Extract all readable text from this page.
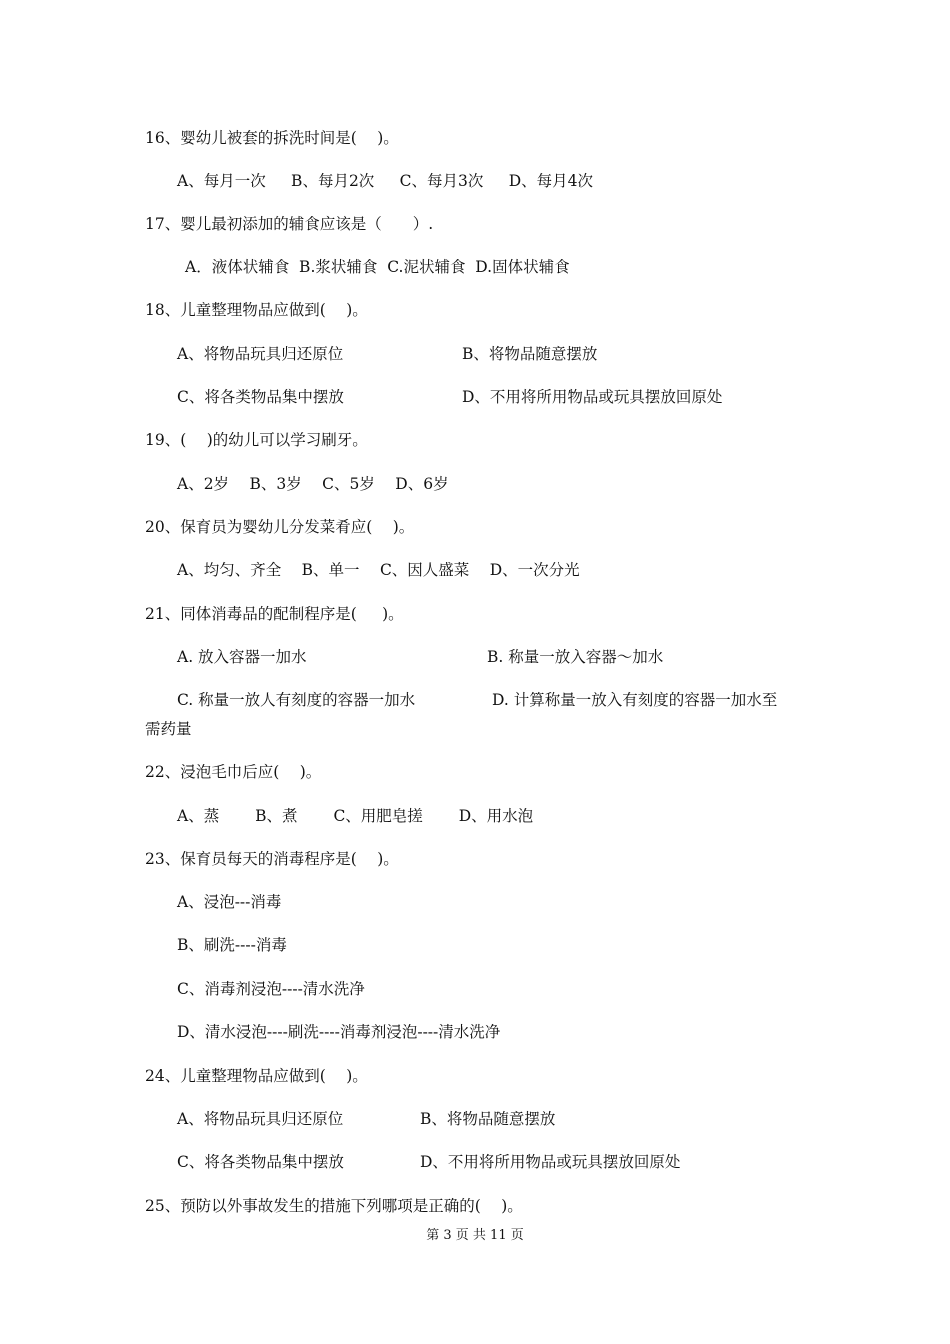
16、婴幼儿被套的拆洗时间是(　 )。
A、每月一次　  B、每月2次　  C、每月3次　  D、每月4次
17、婴儿最初添加的辅食应该是（　　）.
A．液体状辅食  B.浆状辅食  C.泥状辅食  D.固体状辅食
18、儿童整理物品应做到(　 )。
A、将物品玩具归还原位	B、将物品随意摆放
C、将各类物品集中摆放	D、不用将所用物品或玩具摆放回原处
19、(　 )的幼儿可以学习刷牙。
A、2岁　 B、3岁　 C、5岁　 D、6岁
20、保育员为婴幼儿分发菜肴应(　 )。
A、均匀、齐全　 B、单一　 C、因人盛菜　 D、一次分光
21、同体消毒品的配制程序是(　  )。
A. 放入容器一加水	B. 称量一放入容器～加水
C. 称量一放人有刻度的容器一加水	D. 计算称量一放入有刻度的容器一加水至
需药量
22、浸泡毛巾后应(　 )。
A、蒸　　 B、煮　　 C、用肥皂搓　　 D、用水泡
23、保育员每天的消毒程序是(　 )。
A、浸泡---消毒
B、刷洗----消毒
C、消毒剂浸泡----清水洗净
D、清水浸泡----刷洗----消毒剂浸泡----清水洗净
24、儿童整理物品应做到(　 )。
A、将物品玩具归还原位	B、将物品随意摆放
C、将各类物品集中摆放	D、不用将所用物品或玩具摆放回原处
25、预防以外事故发生的措施下列哪项是正确的(　 )。
第 3 页 共 11 页
